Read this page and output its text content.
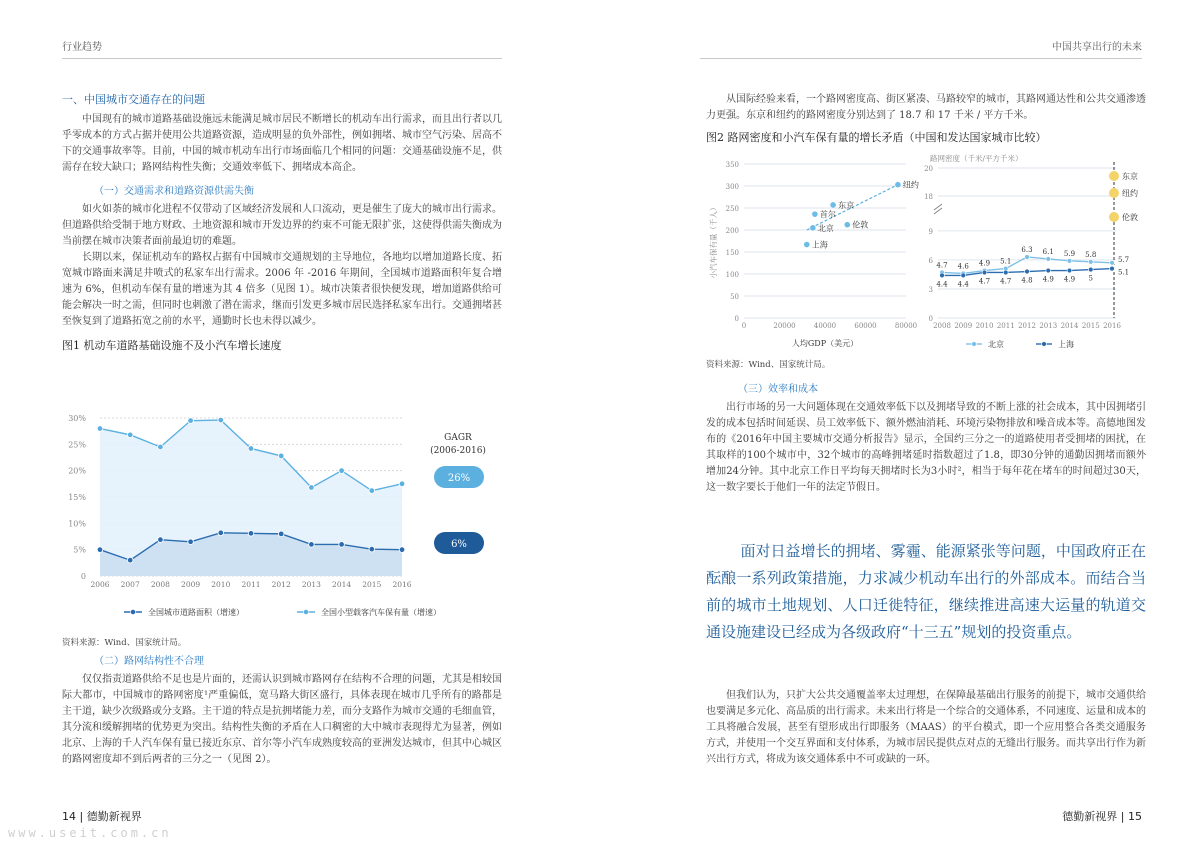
行业趋势	中国共享出行的未来
一、中国城市交通存在的问题

中国现有的城市道路基础设施远未能满足城市居民不断增长的机动车出行需求，而且出行者以几乎零成本的方式占据并使用公共道路资源，造成明显的负外部性，例如拥堵、城市空气污染、居高不下的交通事故率等。目前，中国的城市机动车出行市场面临几个相同的问题：交通基础设施不足，供需存在较大缺口；路网结构性失衡；交通效率低下、拥堵成本高企。

（一）交通需求和道路资源供需失衡

如火如荼的城市化进程不仅带动了区域经济发展和人口流动，更是催生了庞大的城市出行需求。但道路供给受制于地方财政、土地资源和城市开发边界的约束不可能无限扩张，这使得供需失衡成为当前摆在城市决策者面前最迫切的难题。

长期以来，保证机动车的路权占据有中国城市交通规划的主导地位，各地均以增加道路长度、拓宽城市路面来满足井喷式的私家车出行需求。2006 年 -2016 年期间，全国城市道路面积年复合增速为 6%，但机动车保有量的增速为其 4 倍多（见图 1）。城市决策者很快便发现，增加道路供给可能会解决一时之需，但同时也刺激了潜在需求，继而引发更多城市居民选择私家车出行。交通拥堵甚至恢复到了道路拓宽之前的水平，通勤时长也未得以减少。

图1 机动车道路基础设施不及小汽车增长速度
0
5%
10%
15%
20%
25%
30%
2006 2007 2008 2009 2010 2011 2012 2013 2014 2015 2016
GAGR
(2006-2016)
26%
6%
全国城市道路面积（增速）	全国小型载客汽车保有量（增速）
资料来源：Wind、国家统计局。
（二）路网结构性不合理

仅仅指责道路供给不足也是片面的，还需认识到城市路网存在结构不合理的问题，尤其是相较国际大都市，中国城市的路网密度¹严重偏低，宽马路大街区盛行，具体表现在城市几乎所有的路都是主干道，缺少次级路或分支路。主干道的特点是抗拥堵能力差，而分支路作为城市交通的毛细血管，其分流和缓解拥堵的优势更为突出。结构性失衡的矛盾在人口稠密的大中城市表现得尤为显著，例如北京、上海的千人汽车保有量已接近东京、首尔等小汽车成熟度较高的亚洲发达城市，但其中心城区的路网密度却不到后两者的三分之一（见图 2）。

从国际经验来看，一个路网密度高、街区紧凑、马路较窄的城市，其路网通达性和公共交通渗透力更强。东京和纽约的路网密度分别达到了 18.7 和 17 千米 / 平方千米。

图2 路网密度和小汽车保有量的增长矛盾（中国和发达国家城市比较）
0
50
100
150
200
250
300
350
0	20000	40000	60000	80000
人均GDP（美元）
小汽车保有量（千人）
纽约
东京
首尔
北京 伦敦
上海
0
3
6
9
18
20
路网密度（千米/平方千米）
2008 2009 2010 2011 2012 2013 2014 2015 2016
4.7 4.6 4.9 5.1
6.3 6.1 5.9 5.8
5.7
4.4 4.4 4.7 4.7 4.8 4.9 4.9 5
5.1
东京
纽约
伦敦
北京	上海
资料来源：Wind、国家统计局。
（三）效率和成本

出行市场的另一大问题体现在交通效率低下以及拥堵导致的不断上涨的社会成本，其中因拥堵引发的成本包括时间延误、员工效率低下、额外燃油消耗、环境污染物排放和噪音成本等。高德地图发布的《2016年中国主要城市交通分析报告》显示，全国约三分之一的道路使用者受拥堵的困扰，在其取样的100个城市中，32个城市的高峰拥堵延时指数超过了1.8，即30分钟的通勤因拥堵而额外增加24分钟。其中北京工作日平均每天拥堵时长为3小时²，相当于每年花在堵车的时间超过30天，这一数字要长于他们一年的法定节假日。

面对日益增长的拥堵、雾霾、能源紧张等问题，中国政府正在酝酿一系列政策措施，力求减少机动车出行的外部成本。而结合当前的城市土地规划、人口迁徙特征，继续推进高速大运量的轨道交通设施建设已经成为各级政府“十三五”规划的投资重点。

但我们认为，只扩大公共交通覆盖率太过理想，在保障最基础出行服务的前提下，城市交通供给也要满足多元化、高品质的出行需求。未来出行将是一个综合的交通体系，不同速度、运量和成本的工具将融合发展，甚至有望形成出行即服务（MAAS）的平台模式，即一个应用整合各类交通服务方式，并使用一个交互界面和支付体系，为城市居民提供点对点的无缝出行服务。而共享出行作为新兴出行方式，将成为该交通体系中不可或缺的一环。

14 | 德勤新视界	德勤新视界 | 15
www.useit.com.cn
